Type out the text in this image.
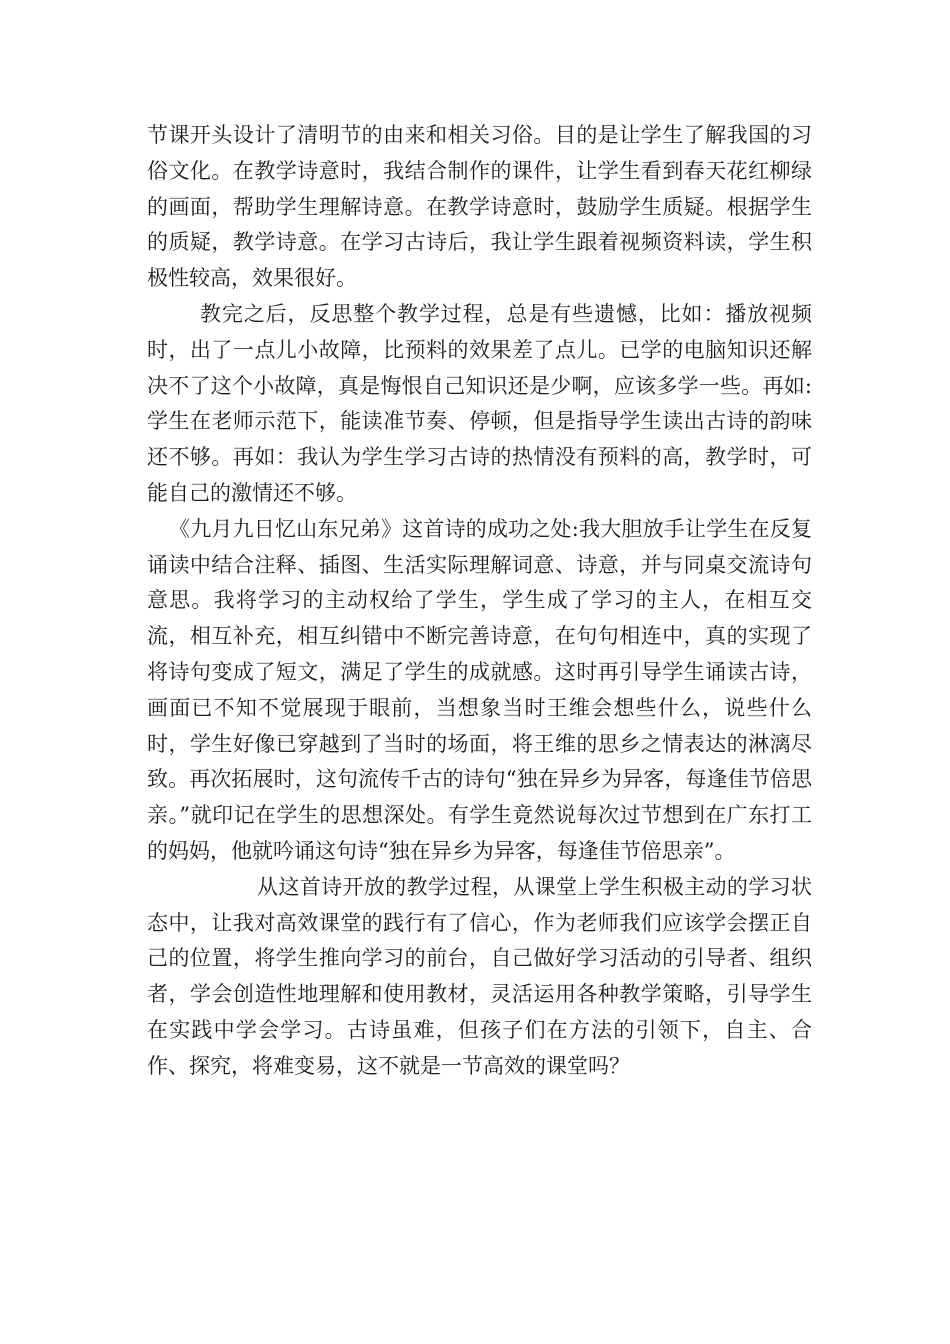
节课开头设计了清明节的由来和相关习俗。目的是让学生了解我国的习俗文化。在教学诗意时，我结合制作的课件，让学生看到春天花红柳绿的画面，帮助学生理解诗意。在教学诗意时，鼓励学生质疑。根据学生的质疑，教学诗意。在学习古诗后，我让学生跟着视频资料读，学生积极性较高，效果很好。

教完之后，反思整个教学过程，总是有些遗憾，比如：播放视频时，出了一点儿小故障，比预料的效果差了点儿。已学的电脑知识还解决不了这个小故障，真是悔恨自己知识还是少啊，应该多学一些。再如:学生在老师示范下，能读准节奏、停顿，但是指导学生读出古诗的韵味还不够。再如：我认为学生学习古诗的热情没有预料的高，教学时，可能自己的激情还不够。

《九月九日忆山东兄弟》这首诗的成功之处:我大胆放手让学生在反复诵读中结合注释、插图、生活实际理解词意、诗意，并与同桌交流诗句意思。我将学习的主动权给了学生，学生成了学习的主人，在相互交流，相互补充，相互纠错中不断完善诗意，在句句相连中，真的实现了将诗句变成了短文，满足了学生的成就感。这时再引导学生诵读古诗，画面已不知不觉展现于眼前，当想象当时王维会想些什么，说些什么时，学生好像已穿越到了当时的场面，将王维的思乡之情表达的淋漓尽致。再次拓展时，这句流传千古的诗句“独在异乡为异客，每逢佳节倍思亲。”就印记在学生的思想深处。有学生竟然说每次过节想到在广东打工的妈妈，他就吟诵这句诗“独在异乡为异客，每逢佳节倍思亲”。

从这首诗开放的教学过程，从课堂上学生积极主动的学习状态中，让我对高效课堂的践行有了信心，作为老师我们应该学会摆正自己的位置，将学生推向学习的前台，自己做好学习活动的引导者、组织者，学会创造性地理解和使用教材，灵活运用各种教学策略，引导学生在实践中学会学习。古诗虽难，但孩子们在方法的引领下，自主、合作、探究，将难变易，这不就是一节高效的课堂吗？
